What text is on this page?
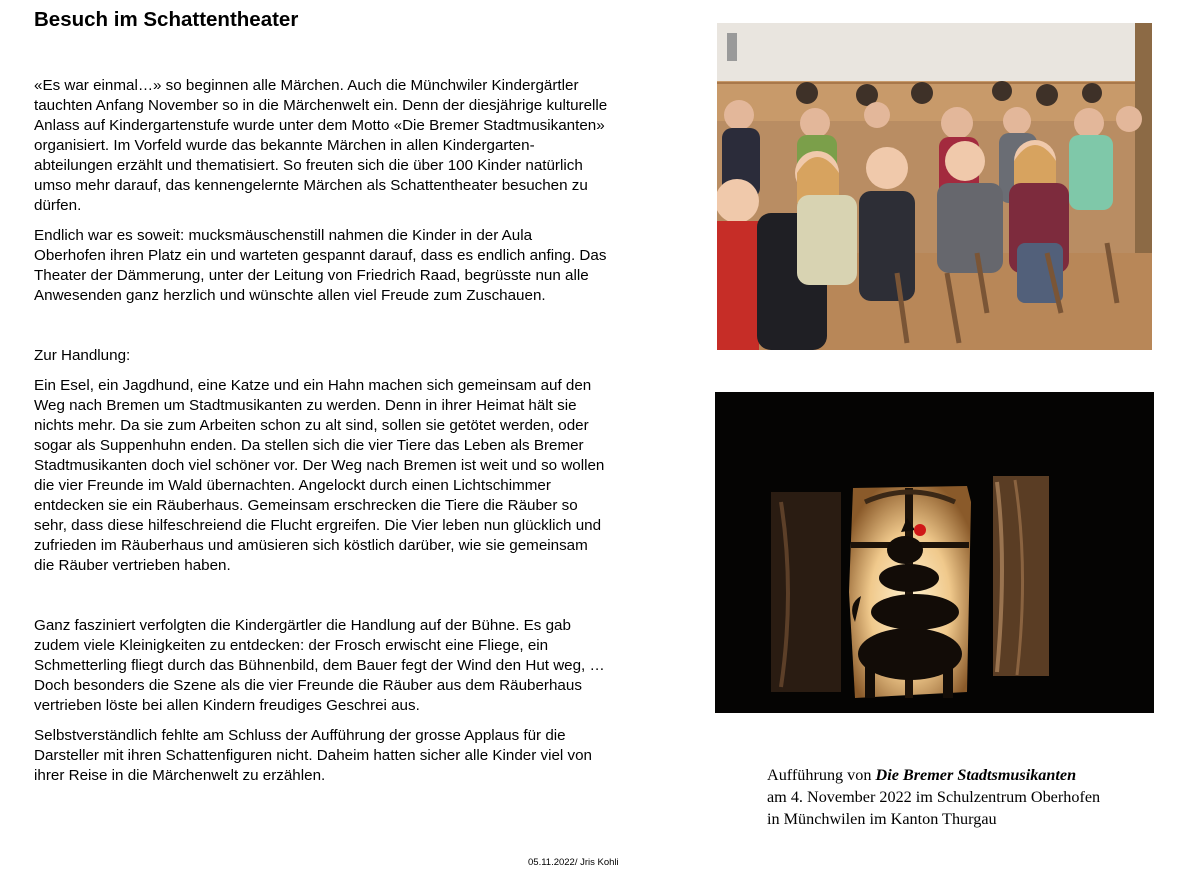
Besuch im Schattentheater

«Es war einmal…» so beginnen alle Märchen. Auch die Münchwiler Kindergärtler
tauchten Anfang November so in die Märchenwelt ein. Denn der diesjährige kulturelle
Anlass auf Kindergartenstufe wurde unter dem Motto «Die Bremer Stadtmusikanten»
organisiert. Im Vorfeld wurde das bekannte Märchen in allen Kindergarten-
abteilungen erzählt und thematisiert. So freuten sich die über 100 Kinder natürlich
umso mehr darauf, das kennengelernte Märchen als Schattentheater besuchen zu
dürfen.

Endlich war es soweit: mucksmäuschenstill nahmen die Kinder in der Aula
Oberhofen ihren Platz ein und warteten gespannt darauf, dass es endlich anfing. Das
Theater der Dämmerung, unter der Leitung von Friedrich Raad, begrüsste nun alle
Anwesenden ganz herzlich und wünschte allen viel Freude zum Zuschauen.

Zur Handlung:

Ein Esel, ein Jagdhund, eine Katze und ein Hahn machen sich gemeinsam auf den
Weg nach Bremen um Stadtmusikanten zu werden. Denn in ihrer Heimat hält sie
nichts mehr. Da sie zum Arbeiten schon zu alt sind, sollen sie getötet werden, oder
sogar als Suppenhuhn enden. Da stellen sich die vier Tiere das Leben als Bremer
Stadtmusikanten doch viel schöner vor. Der Weg nach Bremen ist weit und so wollen
die vier Freunde im Wald übernachten. Angelockt durch einen Lichtschimmer
entdecken sie ein Räuberhaus. Gemeinsam erschrecken die Tiere die Räuber so
sehr, dass diese hilfeschreiend die Flucht ergreifen. Die Vier leben nun glücklich und
zufrieden im Räuberhaus und amüsieren sich köstlich darüber, wie sie gemeinsam
die Räuber vertrieben haben.

Ganz fasziniert verfolgten die Kindergärtler die Handlung auf der Bühne. Es gab
zudem viele Kleinigkeiten zu entdecken: der Frosch erwischt eine Fliege, ein
Schmetterling fliegt durch das Bühnenbild, dem Bauer fegt der Wind den Hut weg, …
Doch besonders die Szene als die vier Freunde die Räuber aus dem Räuberhaus
vertrieben löste bei allen Kindern freudiges Geschrei aus.

Selbstverständlich fehlte am Schluss der Aufführung der grosse Applaus für die
Darsteller mit ihren Schattenfiguren nicht. Daheim hatten sicher alle Kinder viel von
ihrer Reise in die Märchenwelt zu erzählen.	Aufführung von Die Bremer Stadtsmusikanten
am 4. November 2022 im Schulzentrum Oberhofen
in Münchwilen im Kanton Thurgau
05.11.2022/ Jris Kohli
